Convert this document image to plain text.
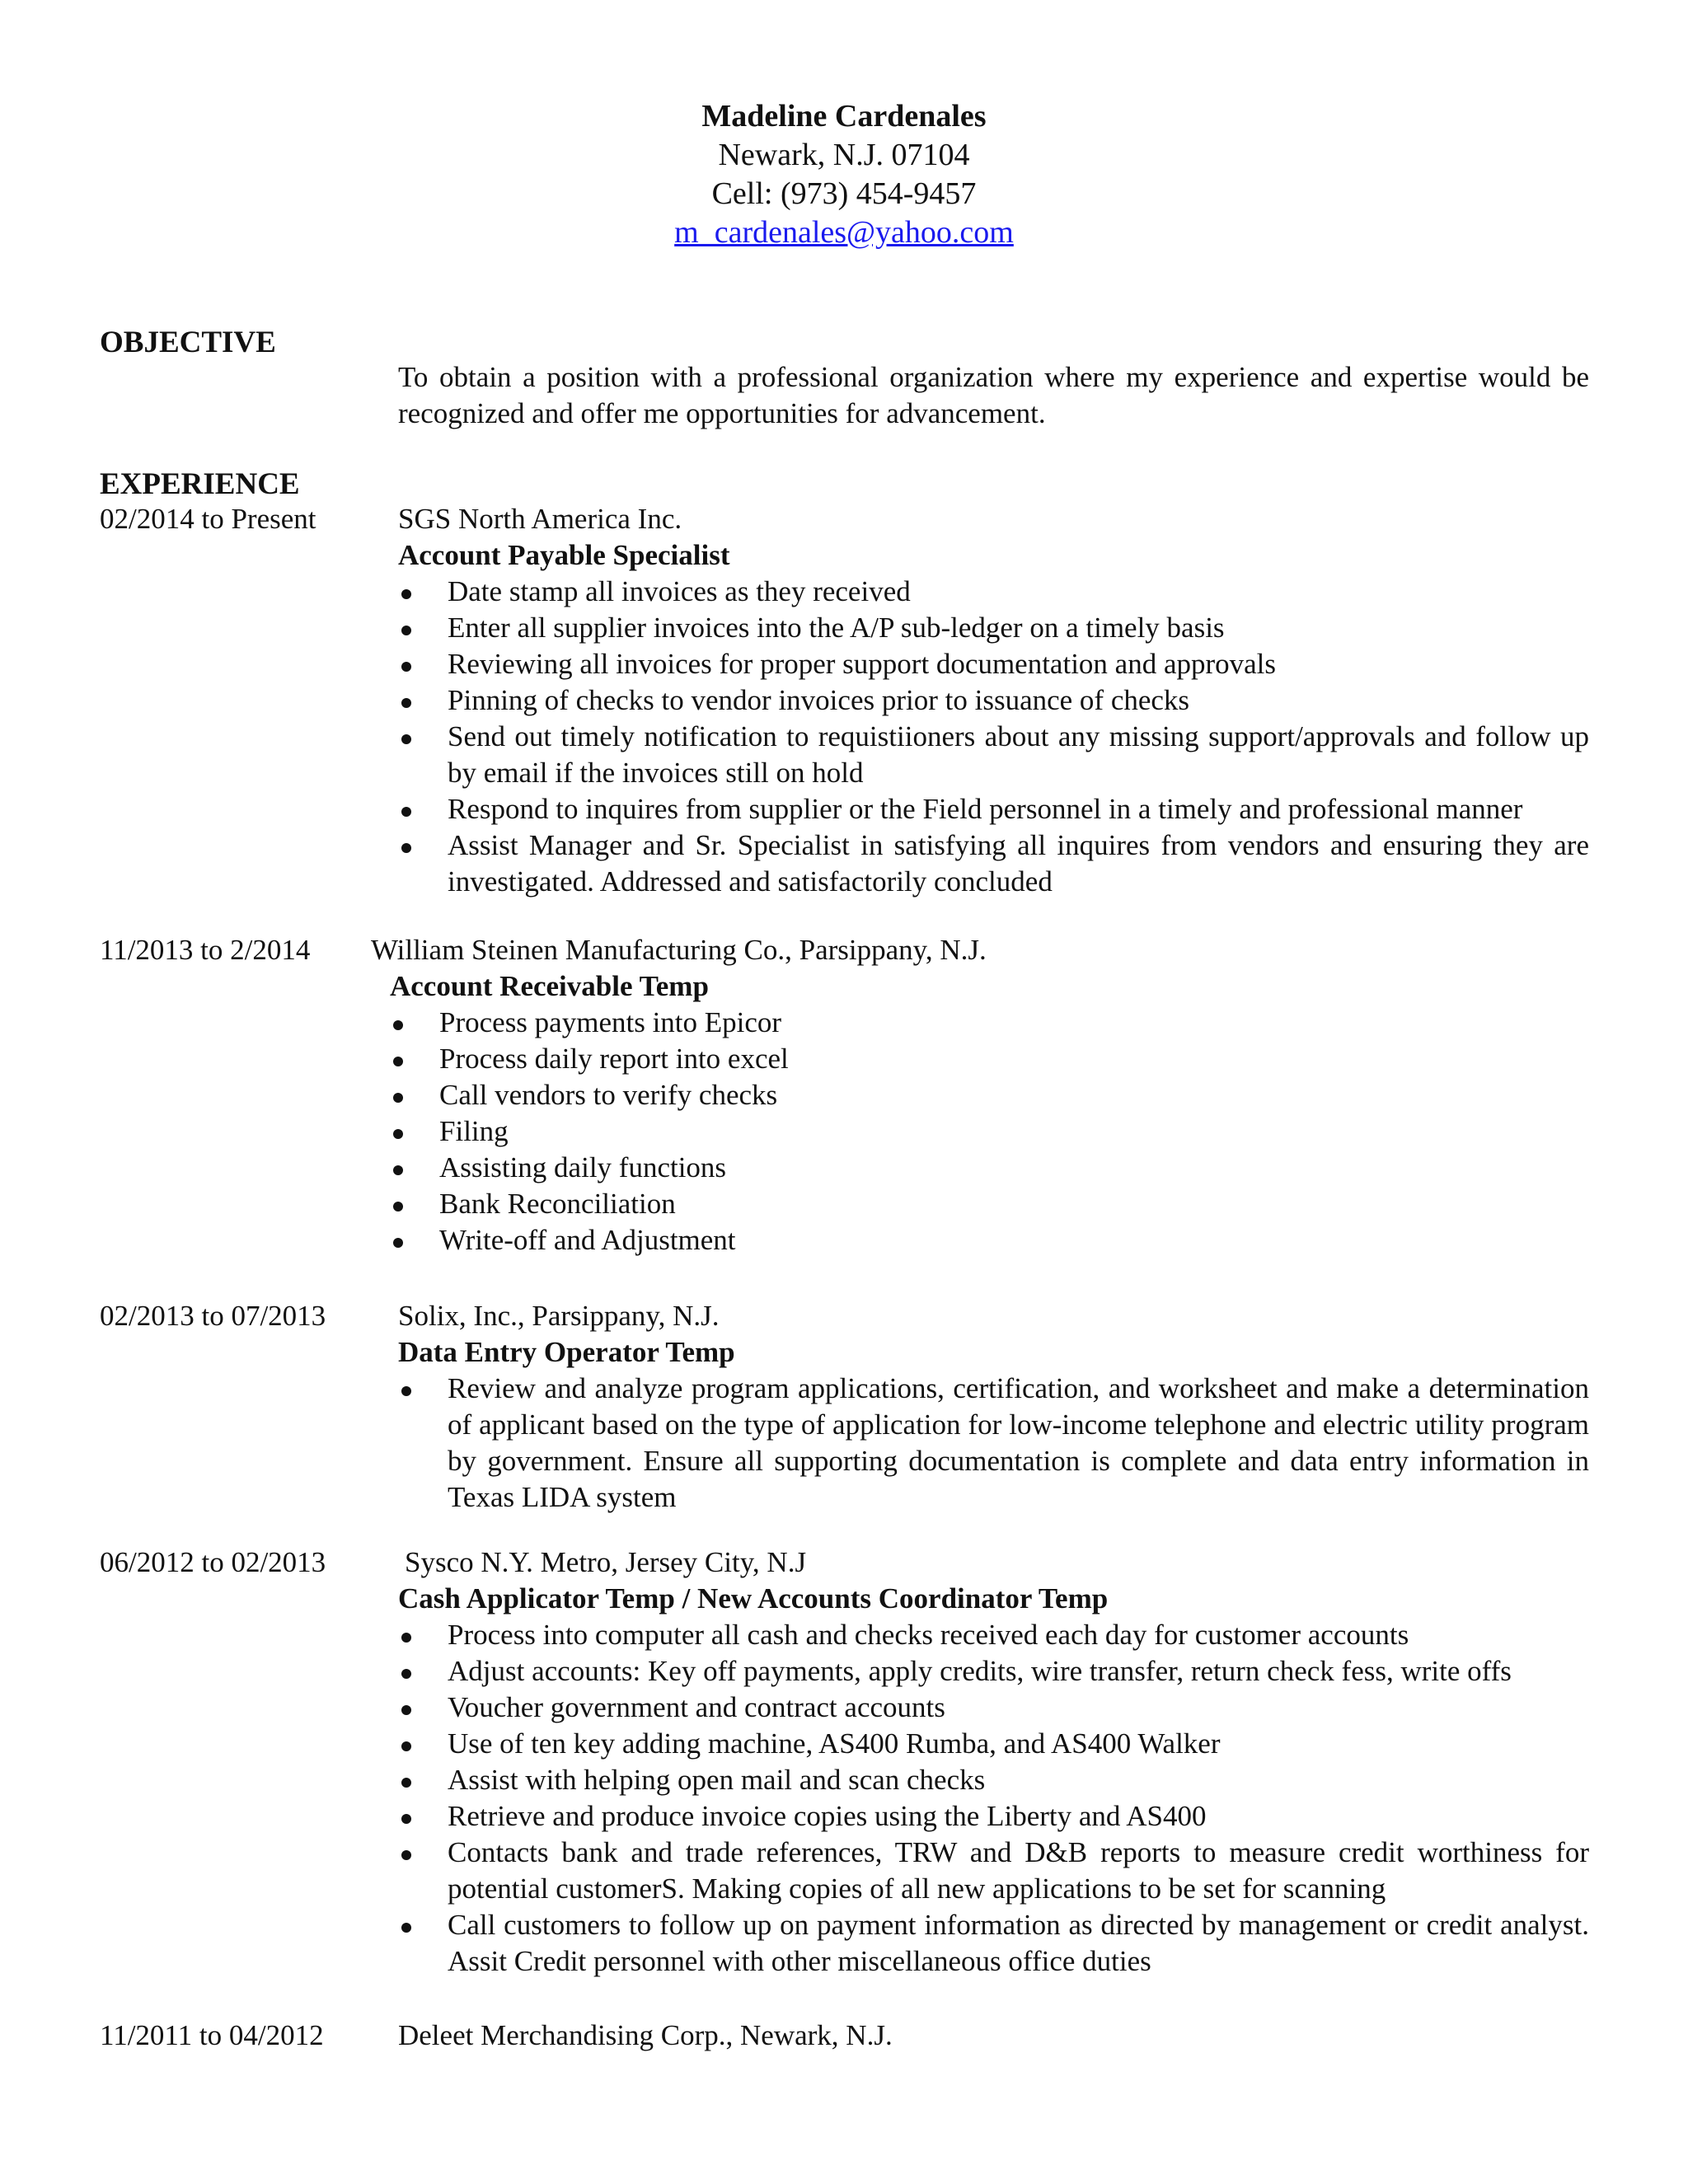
Madeline Cardenales
Newark, N.J. 07104
Cell: (973) 454-9457
m_cardenales@yahoo.com
OBJECTIVE
To obtain a position with a professional organization where my experience and expertise would be recognized and offer me opportunities for advancement.
EXPERIENCE
02/2014 to Present	SGS North America Inc.
Account Payable Specialist
Date stamp all invoices as they received
Enter all supplier invoices into the A/P sub-ledger on a timely basis
Reviewing all invoices for proper support documentation and approvals
Pinning of checks to vendor invoices prior to issuance of checks
Send out timely notification to requistiioners about any missing support/approvals and follow up by email if the invoices still on hold
Respond to inquires from supplier or the Field personnel in a timely and professional manner
Assist Manager and Sr. Specialist in satisfying all inquires from vendors and ensuring they are investigated. Addressed and satisfactorily concluded
11/2013 to 2/2014 William Steinen Manufacturing Co., Parsippany, N.J.
Account Receivable Temp
Process payments into Epicor
Process daily report into excel
Call vendors to verify checks
Filing
Assisting daily functions
Bank Reconciliation
Write-off and Adjustment
02/2013 to 07/2013	Solix, Inc., Parsippany, N.J.
Data Entry Operator Temp
Review and analyze program applications, certification, and worksheet and make a determination of applicant based on the type of application for low-income telephone and electric utility program by government. Ensure all supporting documentation is complete and data entry information in Texas LIDA system
06/2012 to 02/2013	Sysco N.Y. Metro, Jersey City, N.J
Cash Applicator Temp / New Accounts Coordinator Temp
Process into computer all cash and checks received each day for customer accounts
Adjust accounts: Key off payments, apply credits, wire transfer, return check fess, write offs
Voucher government and contract accounts
Use of ten key adding machine, AS400 Rumba, and AS400 Walker
Assist with helping open mail and scan checks
Retrieve and produce invoice copies using the Liberty and AS400
Contacts bank and trade references, TRW and D&B reports to measure credit worthiness for potential customerS. Making copies of all new applications to be set for scanning
Call customers to follow up on payment information as directed by management or credit analyst. Assit Credit personnel with other miscellaneous office duties
11/2011 to 04/2012	Deleet Merchandising Corp., Newark, N.J.
